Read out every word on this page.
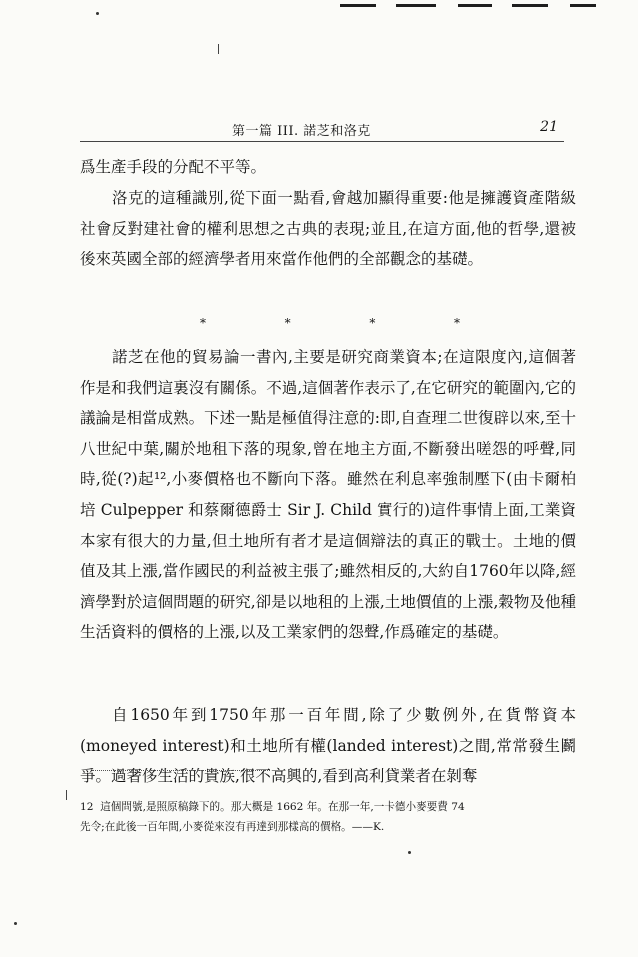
第一篇 III. 諾芝和洛克	21

爲生產手段的分配不平等。

洛克的這種識別,從下面一點看,會越加顯得重要:他是擁護資產階級社會反對建社會的權利思想之古典的表現;並且,在這方面,他的哲學,還被後來英國全部的經濟學者用來當作他們的全部觀念的基礎。

*	*	*	*

諾芝在他的貿易論一書內,主要是研究商業資本;在這限度內,這個著作是和我們這裏沒有關係。不過,這個著作表示了,在它研究的範圍內,它的議論是相當成熟。下述一點是極值得注意的:即,自查理二世復辟以來,至十八世紀中葉,關於地租下落的現象,曾在地主方面,不斷發出嗟怨的呼聲,同時,從(?)起¹²,小麥價格也不斷向下落。雖然在利息率強制壓下(由卡爾柏培 Culpepper 和蔡爾德爵士 Sir J. Child 實行的)這件事情上面,工業資本家有很大的力量,但土地所有者才是這個辯法的真正的戰士。土地的價值及其上漲,當作國民的利益被主張了;雖然相反的,大約自1760年以降,經濟學對於這個問題的研究,卻是以地租的上漲,土地價值的上漲,穀物及他種生活資料的價格的上漲,以及工業家們的怨聲,作爲確定的基礎。

自1650年到1750年那一百年間,除了少數例外,在貨幣資本(moneyed interest)和土地所有權(landed interest)之間,常常發生鬬爭。過奢侈生活的貴族,很不高興的,看到高利貸業者在剝奪

12  這個問號,是照原稿錄下的。那大概是 1662 年。在那一年,一卡德小麥要費 74

先令;在此後一百年間,小麥從來沒有再達到那樣高的價格。——K.
